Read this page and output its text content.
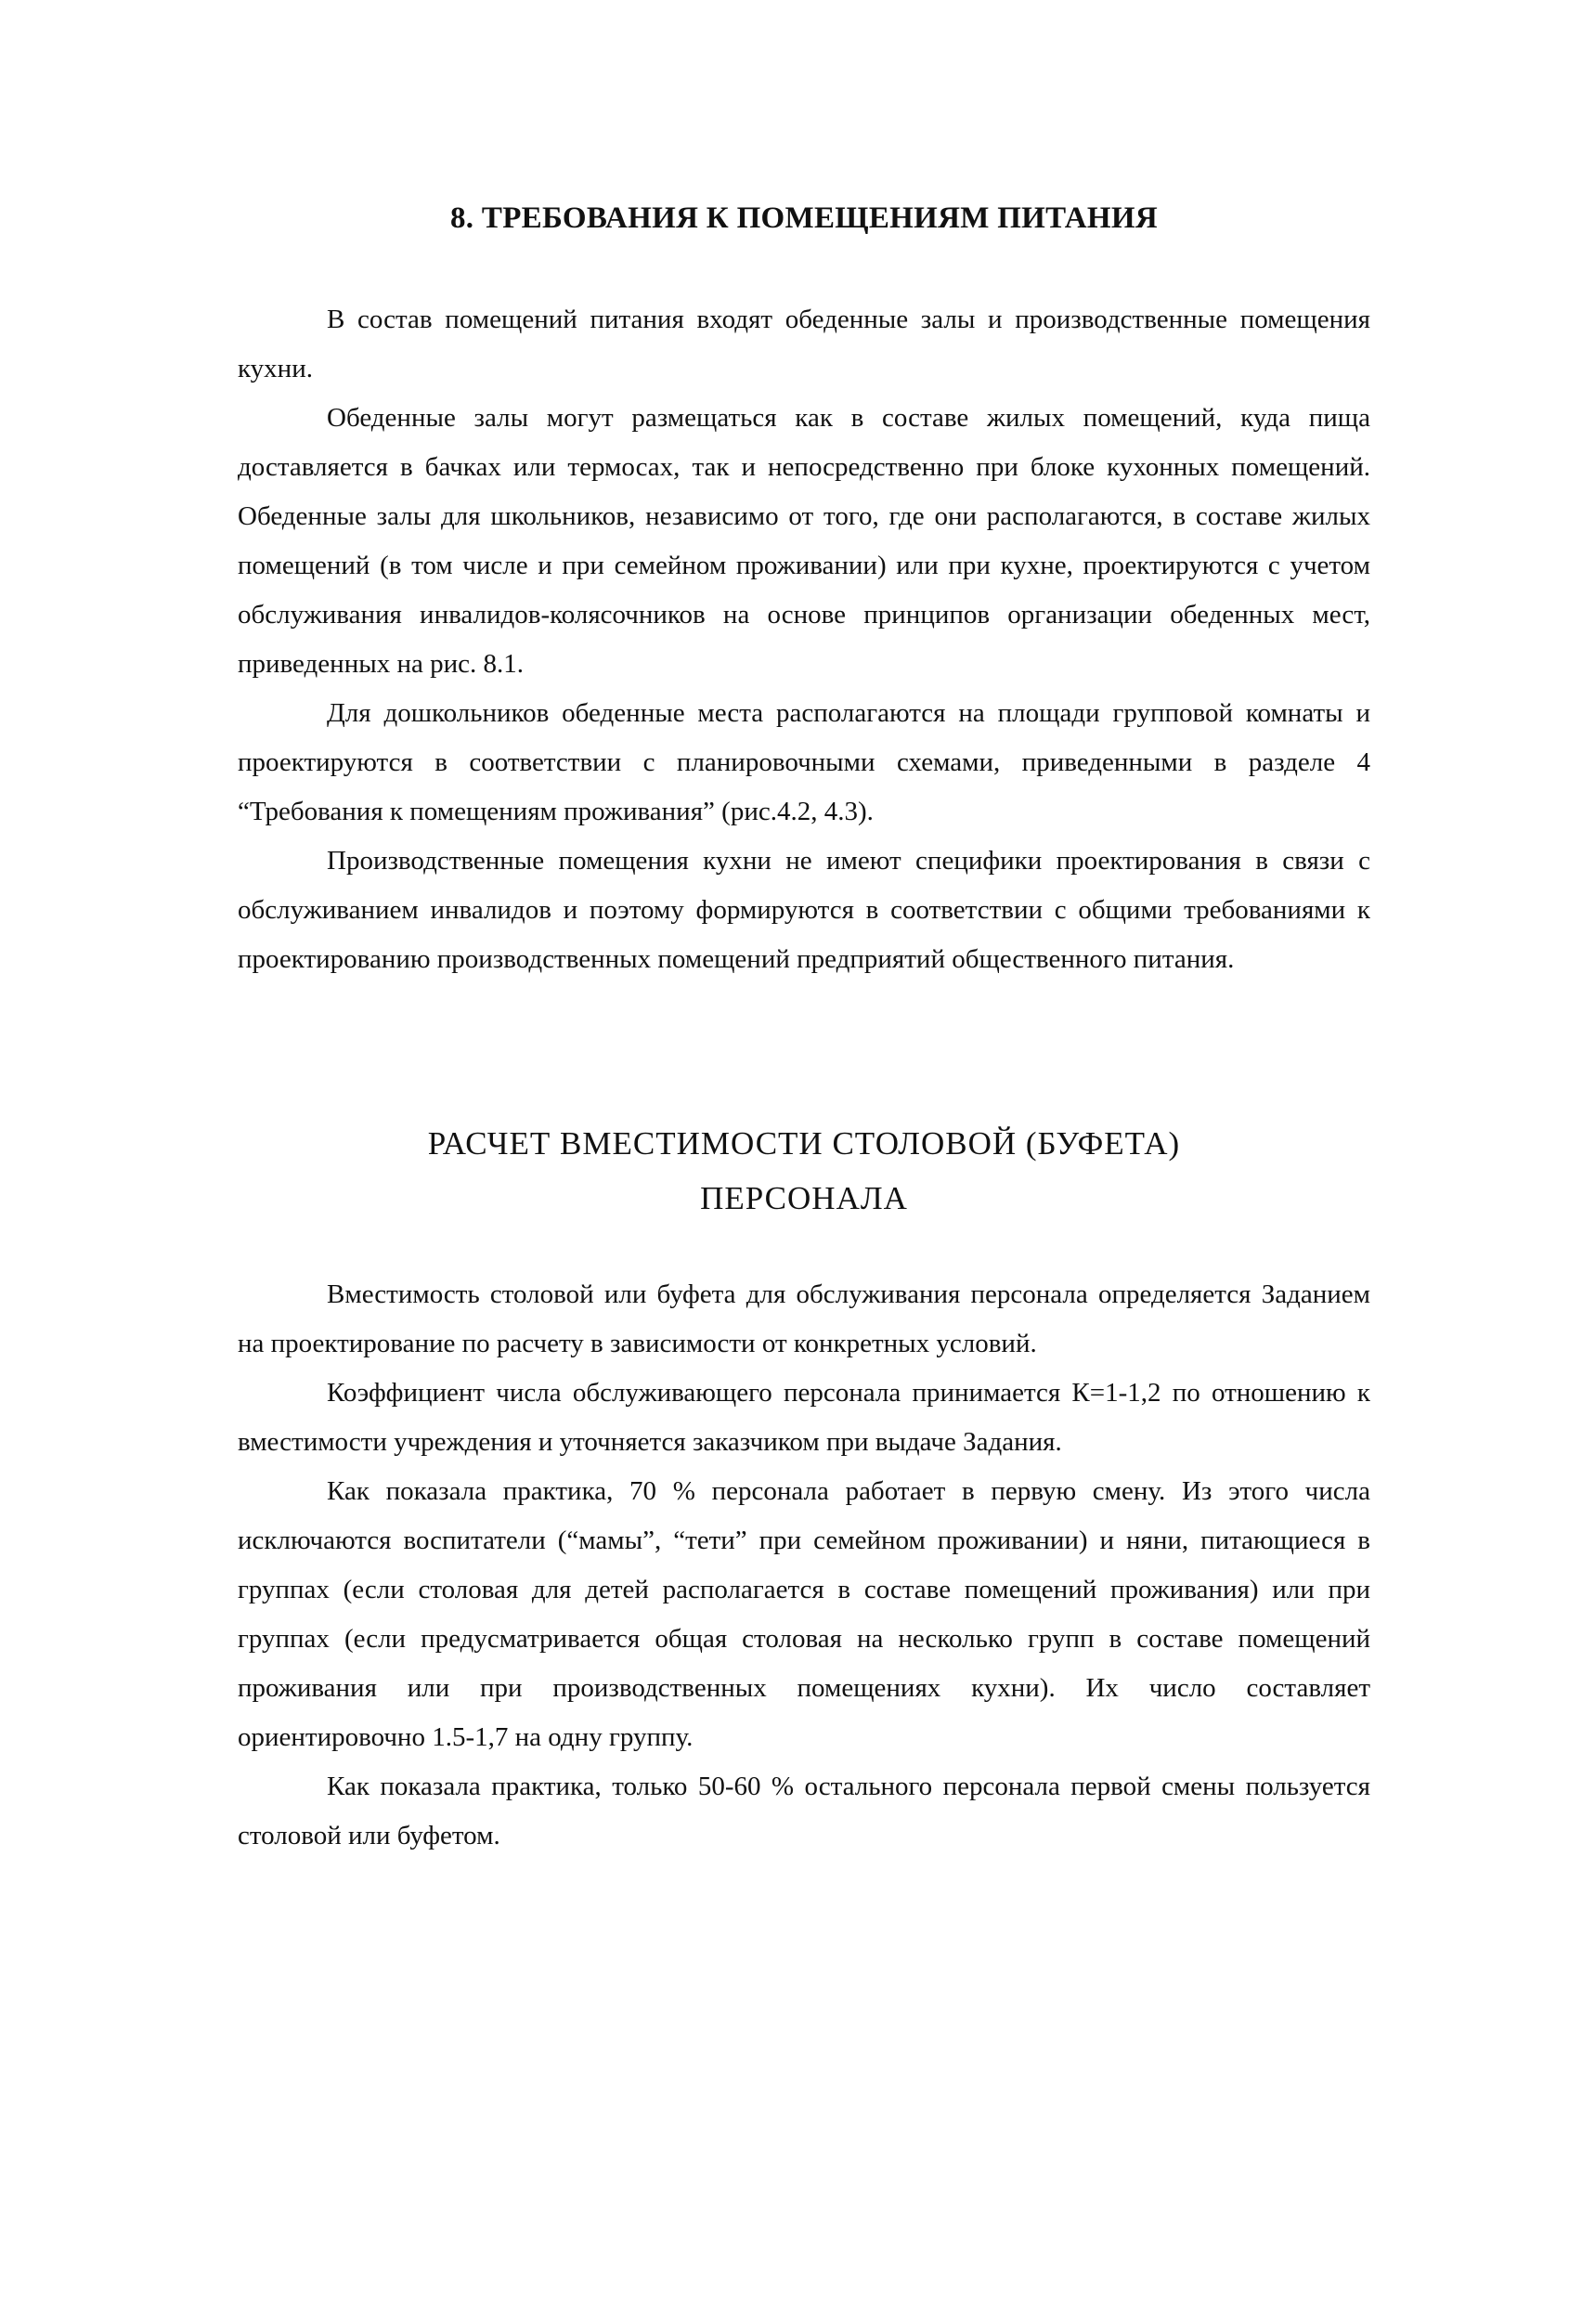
8. ТРЕБОВАНИЯ К ПОМЕЩЕНИЯМ ПИТАНИЯ

В состав помещений питания входят обеденные залы и производственные помещения кухни.

Обеденные залы могут размещаться как в составе жилых помещений, куда пища доставляется в бачках или термосах, так и непосредственно при блоке кухонных помещений. Обеденные залы для школьников, независимо от того, где они располагаются, в составе жилых помещений (в том числе и при семейном проживании) или при кухне, проектируются с учетом обслуживания инвалидов-колясочников на основе принципов организации обеденных мест, приведенных на рис. 8.1.

Для дошкольников обеденные места располагаются на площади групповой комнаты и проектируются в соответствии с планировочными схемами, приведенными в разделе 4 “Требования к помещениям проживания” (рис.4.2, 4.3).

Производственные помещения кухни не имеют специфики проектирования в связи с обслуживанием инвалидов и поэтому формируются в соответствии с общими требованиями к проектированию производственных помещений предприятий общественного питания.

РАСЧЕТ ВМЕСТИМОСТИ СТОЛОВОЙ (БУФЕТА)
ПЕРСОНАЛА

Вместимость столовой или буфета для обслуживания персонала определяется Заданием на проектирование по расчету в зависимости от конкретных условий.

Коэффициент числа обслуживающего персонала принимается К=1-1,2 по отношению к вместимости учреждения и уточняется заказчиком при выдаче Задания.

Как показала практика, 70 % персонала работает в первую смену. Из этого числа исключаются воспитатели (“мамы”, “тети” при семейном проживании) и няни, питающиеся в группах (если столовая для детей располагается в составе помещений проживания) или при группах (если предусматривается общая столовая на несколько групп в составе помещений проживания или при производственных помещениях кухни). Их число составляет ориентировочно 1.5-1,7 на одну группу.

Как показала практика, только 50-60 % остального персонала первой смены пользуется столовой или буфетом.
